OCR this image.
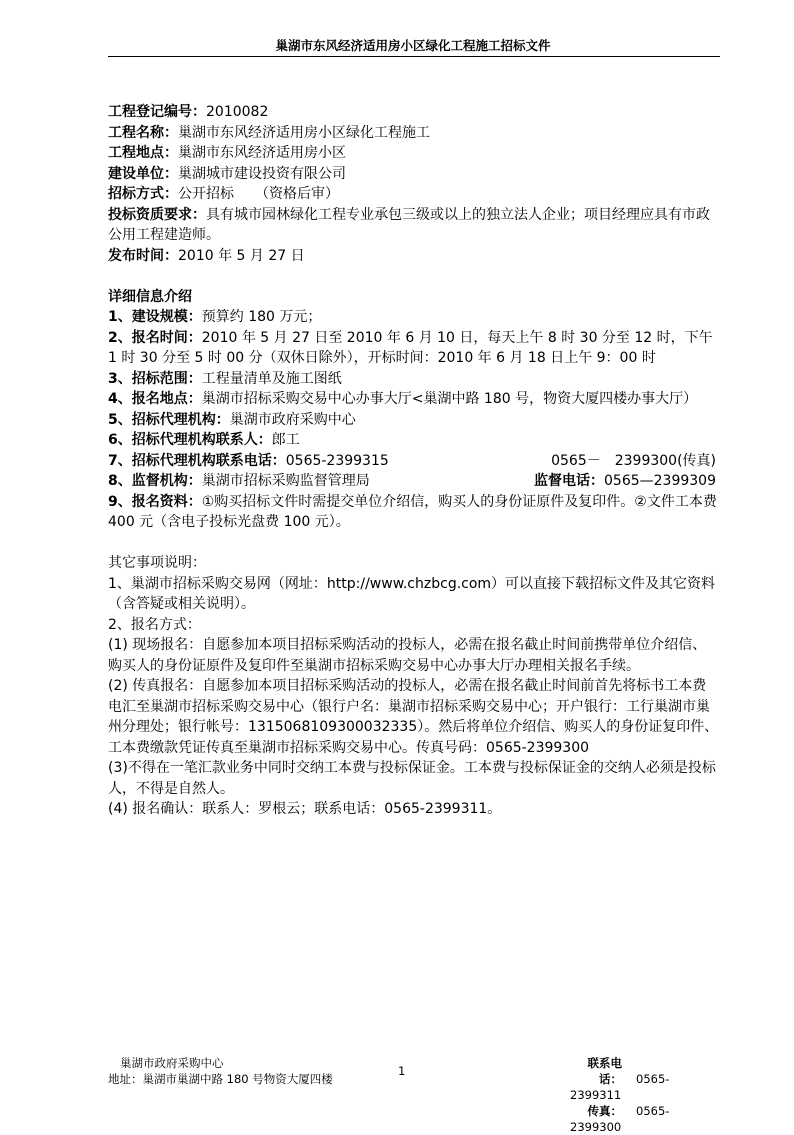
巢湖市东风经济适用房小区绿化工程施工招标文件

工程登记编号：2010082

工程名称：巢湖市东风经济适用房小区绿化工程施工

工程地点：巢湖市东风经济适用房小区

建设单位：巢湖城市建设投资有限公司

招标方式：公开招标　　（资格后审）

投标资质要求：具有城市园林绿化工程专业承包三级或以上的独立法人企业；项目经理应具有市政公用工程建造师。

发布时间：2010 年 5 月 27 日

详细信息介绍

1、建设规模：预算约 180 万元；

2、报名时间：2010 年 5 月 27 日至 2010 年 6 月 10 日，每天上午 8 时 30 分至 12 时，下午 1 时 30 分至 5 时 00 分（双休日除外），开标时间：2010 年 6 月 18 日上午 9：00 时

3、招标范围：工程量清单及施工图纸

4、报名地点：巢湖市招标采购交易中心办事大厅<巢湖中路 180 号，物资大厦四楼办事大厅）

5、招标代理机构：巢湖市政府采购中心

6、招标代理机构联系人：郎工

7、招标代理机构联系电话：0565-2399315	0565－　2399300(传真)
8、监督机构：巢湖市招标采购监督管理局	监督电话：0565—2399309

9、报名资料：①购买招标文件时需提交单位介绍信，购买人的身份证原件及复印件。②文件工本费 400 元（含电子投标光盘费 100 元）。

其它事项说明：

1、巢湖市招标采购交易网（网址：http://www.chzbcg.com）可以直接下载招标文件及其它资料（含答疑或相关说明）。

2、报名方式：

(1) 现场报名：自愿参加本项目招标采购活动的投标人，必需在报名截止时间前携带单位介绍信、购买人的身份证原件及复印件至巢湖市招标采购交易中心办事大厅办理相关报名手续。

(2) 传真报名：自愿参加本项目招标采购活动的投标人，必需在报名截止时间前首先将标书工本费电汇至巢湖市招标采购交易中心（银行户名：巢湖市招标采购交易中心；开户银行：工行巢湖市巢州分理处；银行帐号：1315068109300032335）。然后将单位介绍信、购买人的身份证复印件、工本费缴款凭证传真至巢湖市招标采购交易中心。传真号码：0565-2399300

(3)不得在一笔汇款业务中同时交纳工本费与投标保证金。工本费与投标保证金的交纳人必须是投标人，不得是自然人。

(4) 报名确认：联系人：罗根云；联系电话：0565-2399311。

巢湖市政府采购中心
地址：巢湖市巢湖中路 180 号物资大厦四楼
1
联系电话： 0565-2399311
传真： 0565-2399300
